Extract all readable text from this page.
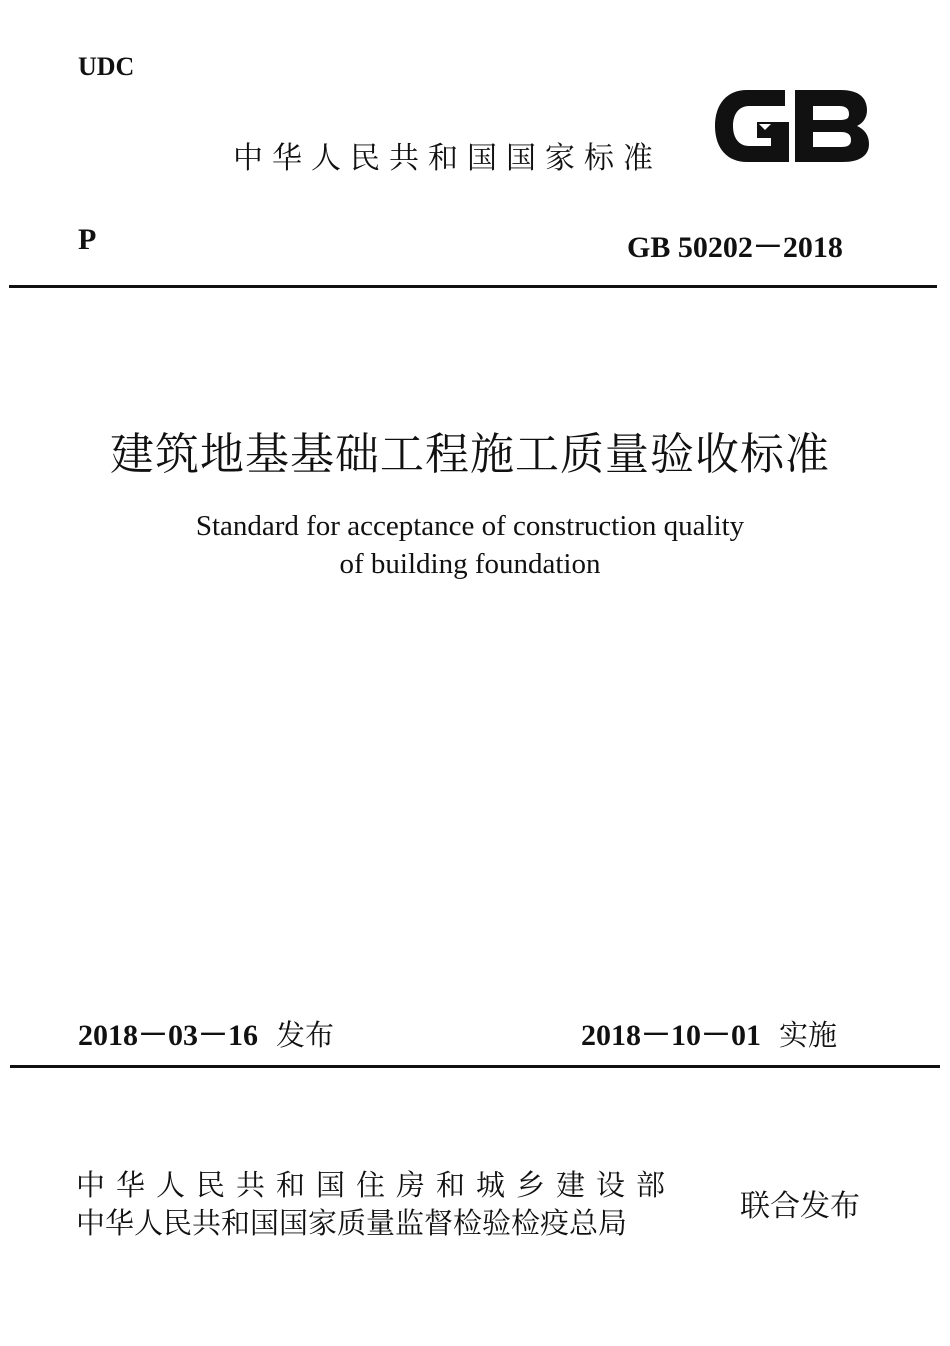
UDC
中华人民共和国国家标准
P	GB 50202－2018
建筑地基基础工程施工质量验收标准
Standard for acceptance of construction quality
of building foundation
2018－03－16 发布	2018－10－01 实施
中华人民共和国住房和城乡建设部
中华人民共和国国家质量监督检验检疫总局	联合发布
